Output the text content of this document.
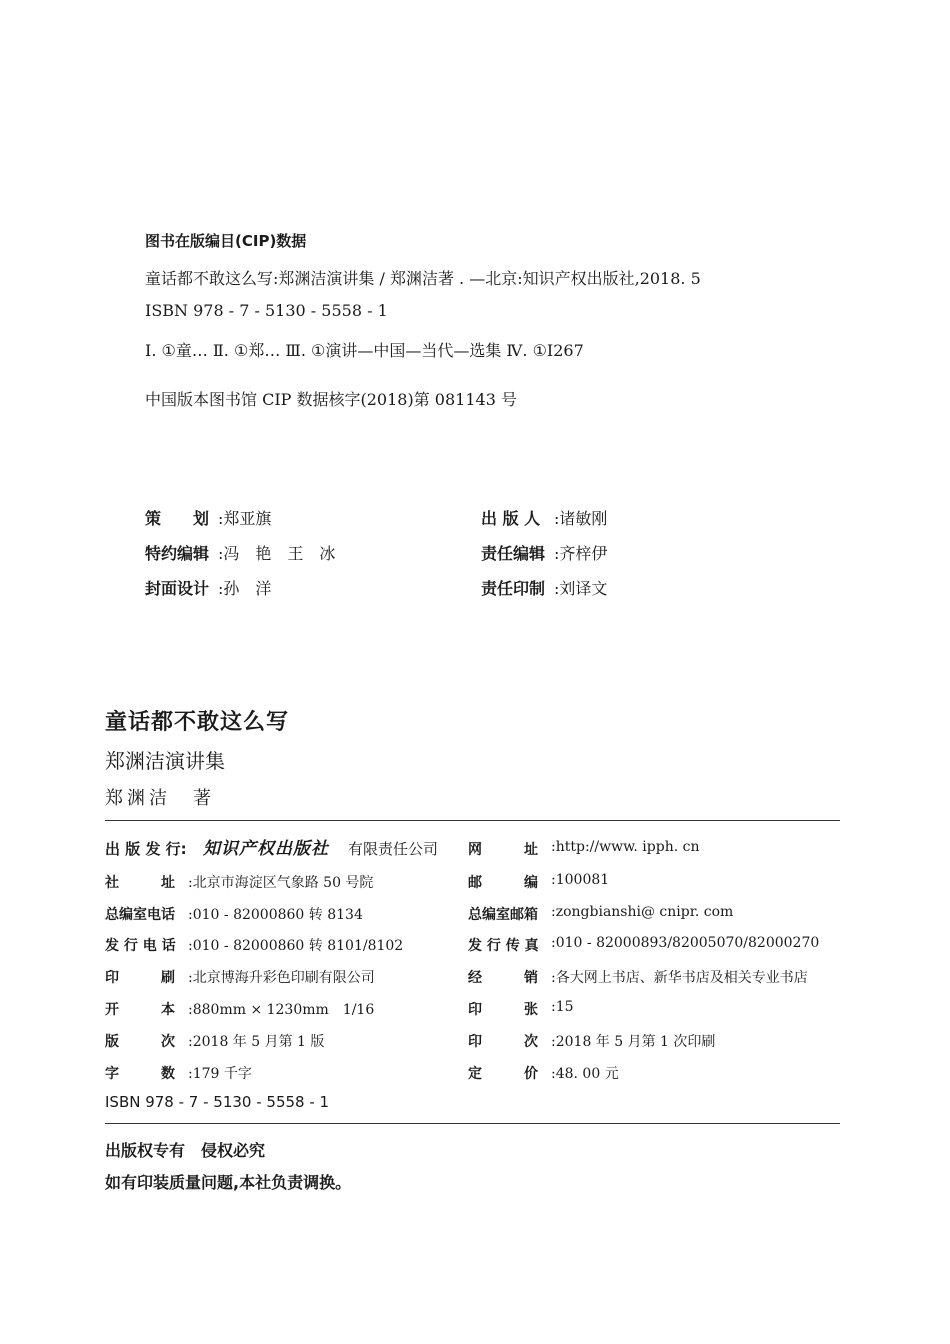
图书在版编目(CIP)数据
童话都不敢这么写:郑渊洁演讲集 / 郑渊洁著 . —北京:知识产权出版社,2018. 5
ISBN 978 - 7 - 5130 - 5558 - 1
Ⅰ. ①童… Ⅱ. ①郑… Ⅲ. ①演讲—中国—当代—选集 Ⅳ. ①I267
中国版本图书馆 CIP 数据核字(2018)第 081143 号
策　　划 :郑亚旗
特约编辑 :冯　艳　王　冰
封面设计 :孙　洋
出 版 人 :诸敏刚
责任编辑 :齐梓伊
责任印制 :刘译文
童话都不敢这么写
郑渊洁演讲集
郑渊洁　著
出 版 发 行: 知识产权出版社 有限责任公司
社　　　址 :北京市海淀区气象路 50 号院
总编室电话 :010 - 82000860 转 8134
发 行 电 话 :010 - 82000860 转 8101/8102
印　　　刷 :北京博海升彩色印刷有限公司
开　　　本 :880mm × 1230mm　1/16
版　　　次 :2018 年 5 月第 1 版
字　　　数 :179 千字
网　　　址 :http://www. ipph. cn
邮　　　编 :100081
总编室邮箱 :zongbianshi@ cnipr. com
发 行 传 真 :010 - 82000893/82005070/82000270
经　　　销 :各大网上书店、新华书店及相关专业书店
印　　　张 :15
印　　　次 :2018 年 5 月第 1 次印刷
定　　　价 :48. 00 元
ISBN 978 - 7 - 5130 - 5558 - 1
出版权专有　侵权必究
如有印装质量问题,本社负责调换。
